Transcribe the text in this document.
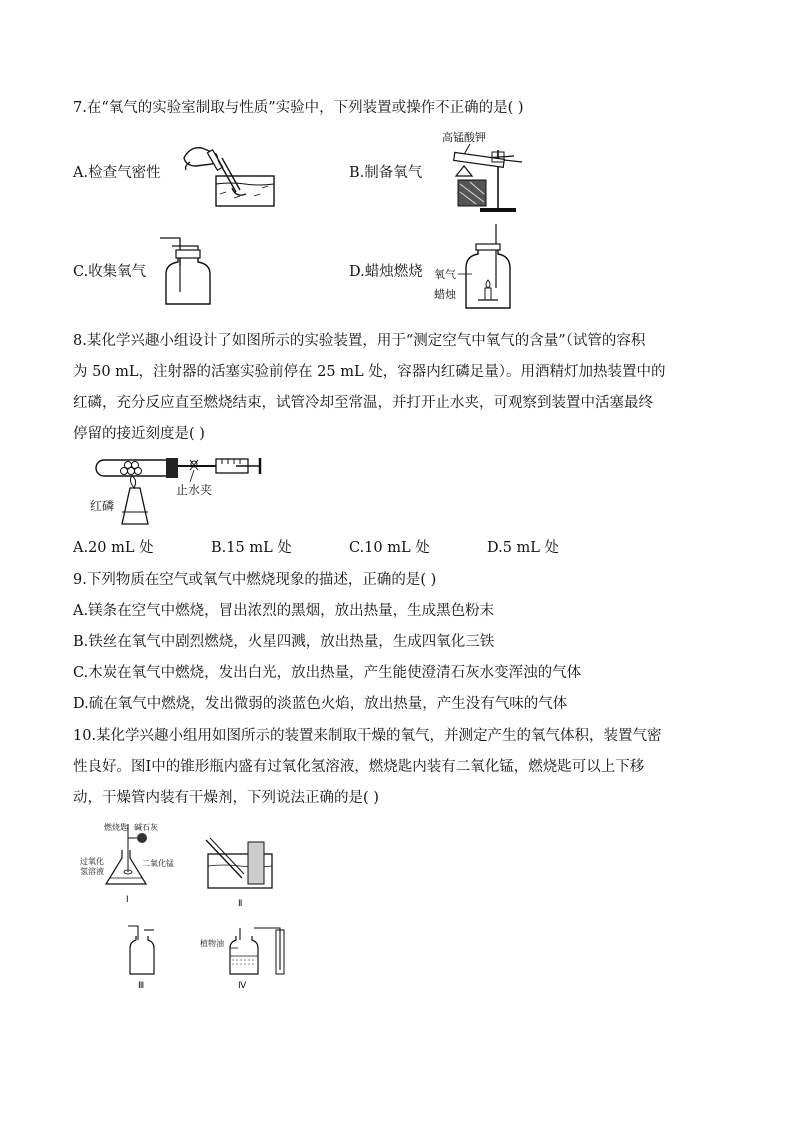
7.在“氧气的实验室制取与性质”实验中，下列装置或操作不正确的是( )
A.检查气密性	B.制备氧气
C.收集氧气	D.蜡烛燃烧
高锰酸钾
氧气
蜡烛
8.某化学兴趣小组设计了如图所示的实验装置，用于“测定空气中氧气的含量”（试管的容积
为 50 mL，注射器的活塞实验前停在 25 mL 处，容器内红磷足量）。用酒精灯加热装置中的
红磷，充分反应直至燃烧结束，试管冷却至常温，并打开止水夹，可观察到装置中活塞最终
停留的接近刻度是( )
止水夹
红磷
A.20 mL 处	B.15 mL 处	C.10 mL 处	D.5 mL 处
9.下列物质在空气或氧气中燃烧现象的描述，正确的是( )
A.镁条在空气中燃烧，冒出浓烈的黑烟，放出热量，生成黑色粉末
B.铁丝在氧气中剧烈燃烧，火星四溅，放出热量，生成四氧化三铁
C.木炭在氧气中燃烧，发出白光，放出热量，产生能使澄清石灰水变浑浊的气体
D.硫在氧气中燃烧，发出微弱的淡蓝色火焰，放出热量，产生没有气味的气体
10.某化学兴趣小组用如图所示的装置来制取干燥的氧气，并测定产生的氧气体积，装置气密
性良好。图Ⅰ中的锥形瓶内盛有过氧化氢溶液，燃烧匙内装有二氧化锰，燃烧匙可以上下移
动，干燥管内装有干燥剂，下列说法正确的是( )
燃烧匙 碱石灰
过氧化
氢溶液
二氧化锰
Ⅰ	Ⅱ
Ⅲ
植物油
Ⅳ
